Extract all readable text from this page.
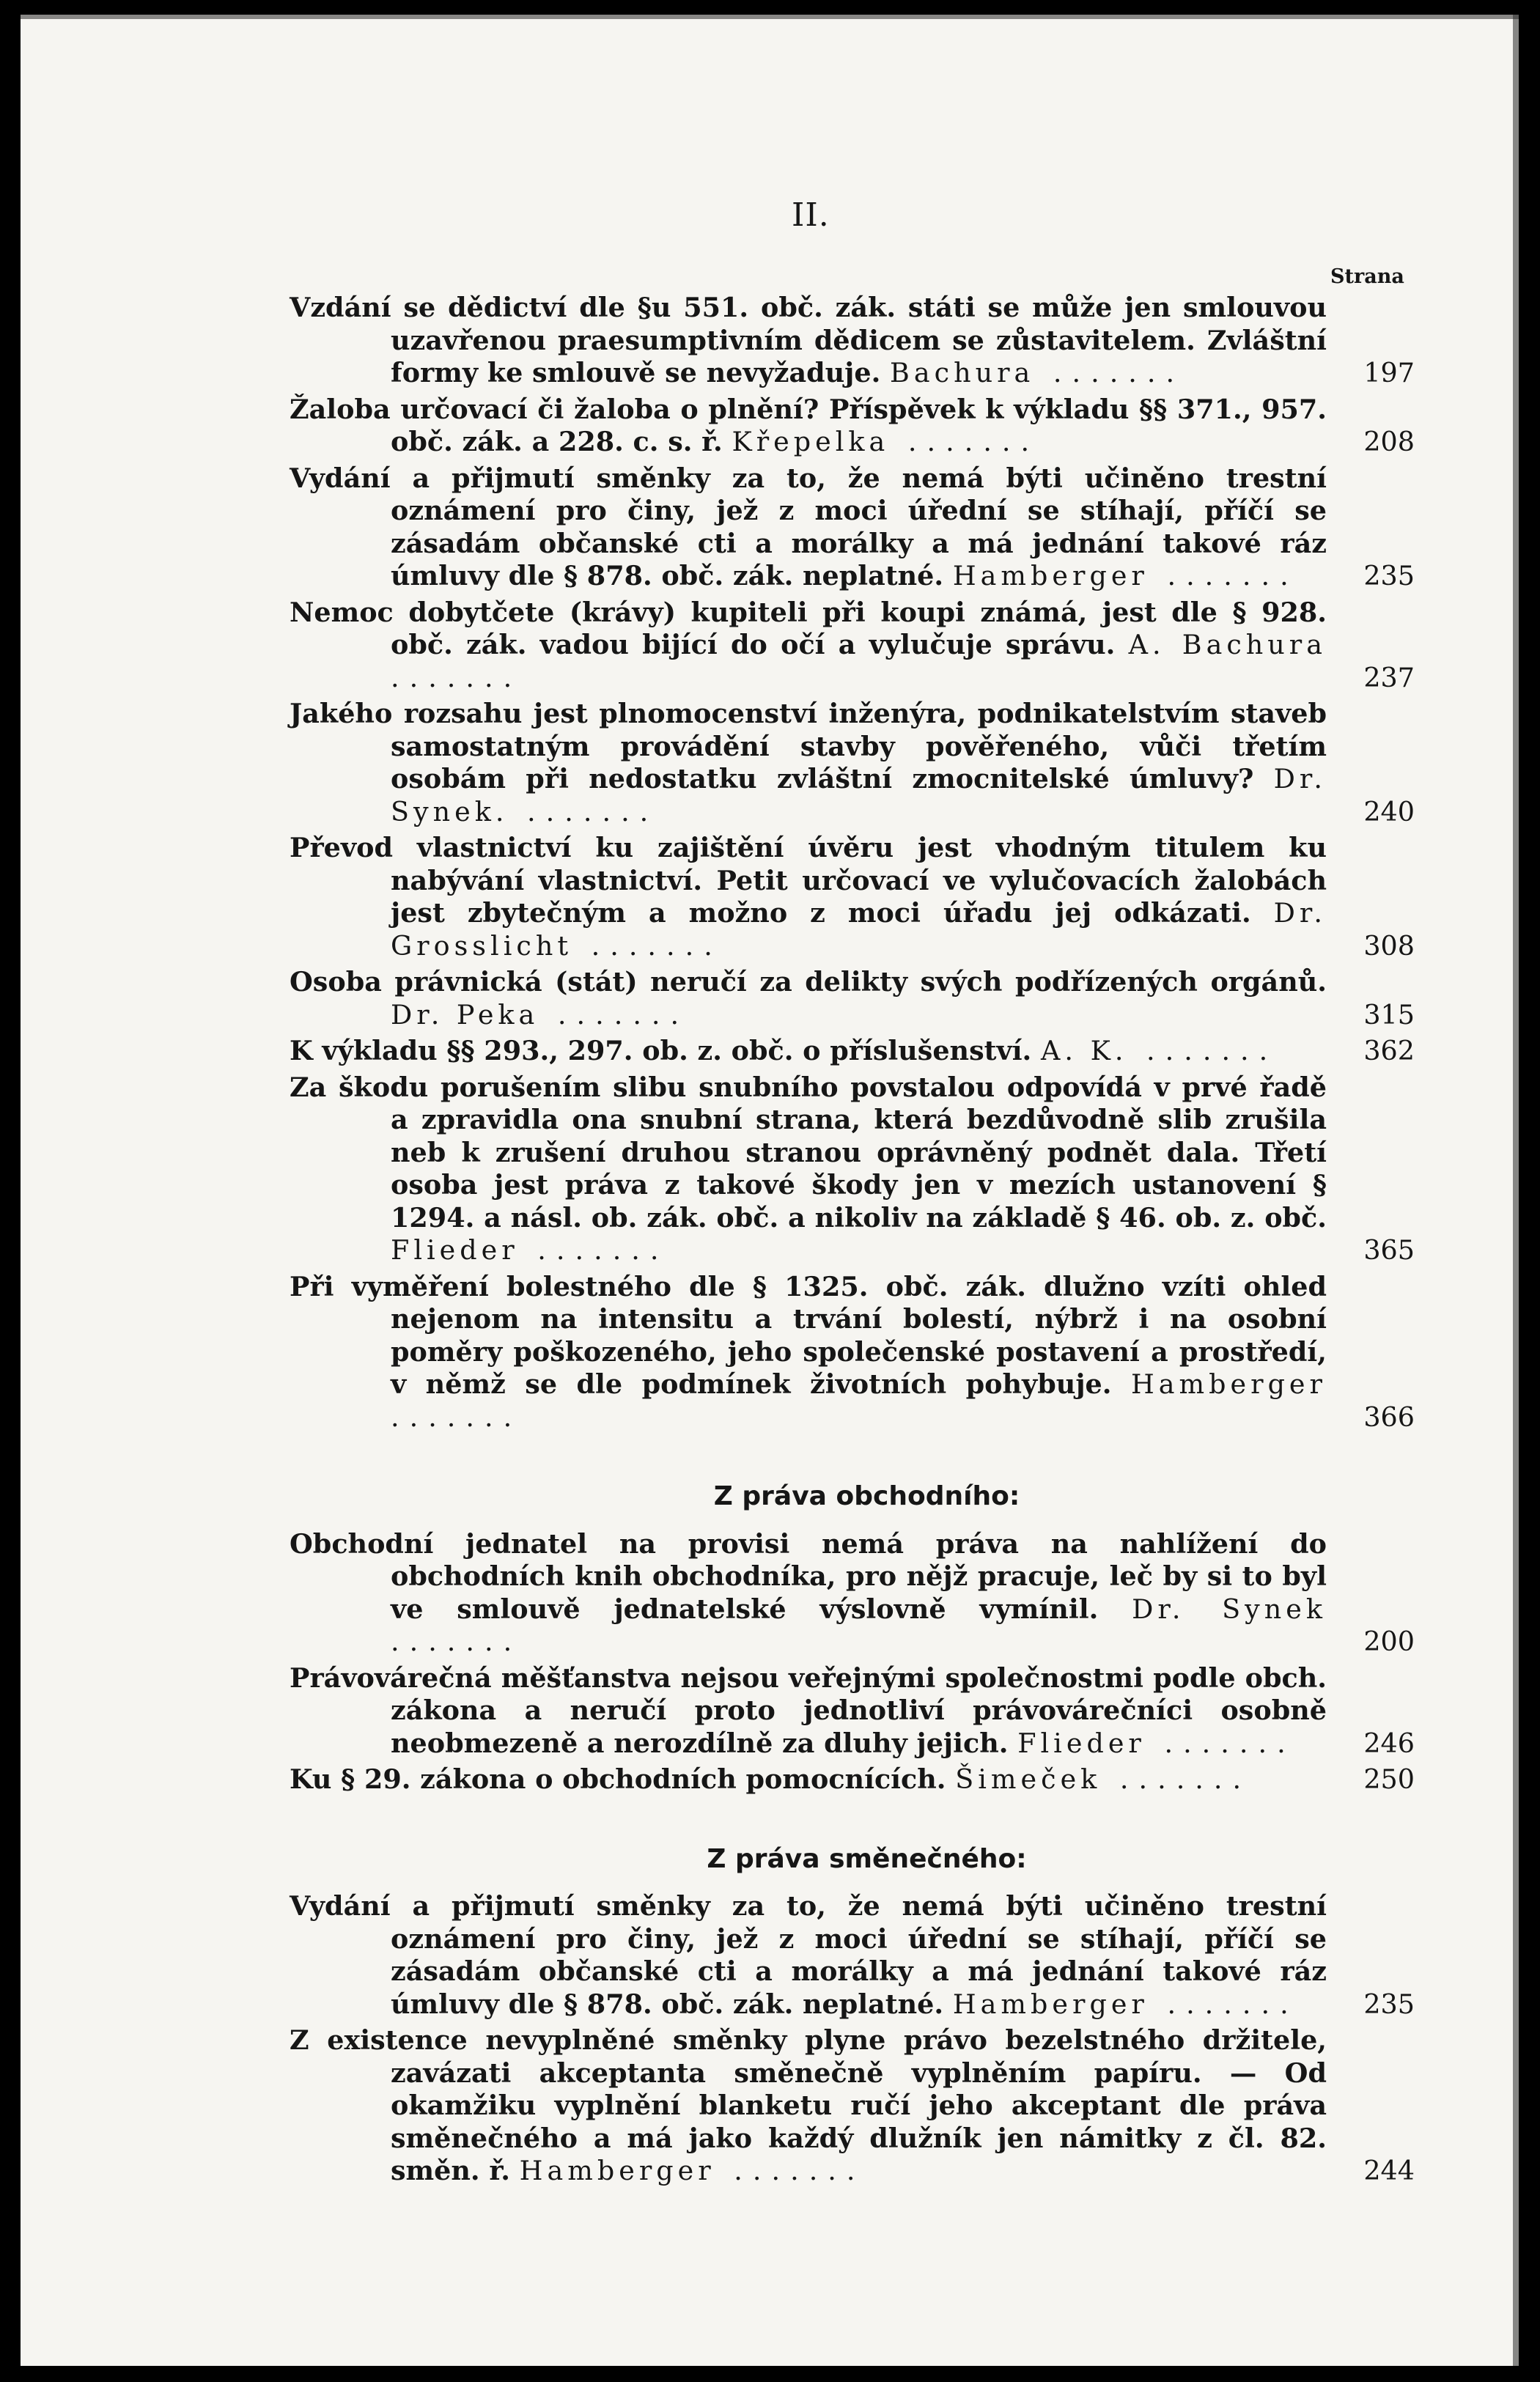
II.
Strana
Vzdání se dědictví dle §u 551. obč. zák. státi se může jen smlouvou uzavřenou praesumptivním dědicem se zůstavitelem. Zvláštní formy ke smlouvě se nevyžaduje. Bachura .......	197
Žaloba určovací či žaloba o plnění? Příspěvek k výkladu §§ 371., 957. obč. zák. a 228. c. s. ř. Křepelka .......	208
Vydání a přijmutí směnky za to, že nemá býti učiněno trestní oznámení pro činy, jež z moci úřední se stíhají, příčí se zásadám občanské cti a morálky a má jednání takové ráz úmluvy dle § 878. obč. zák. neplatné. Hamberger .......	235
Nemoc dobytčete (krávy) kupiteli při koupi známá, jest dle § 928. obč. zák. vadou bijící do očí a vylučuje správu. A. Bachura .......	237
Jakého rozsahu jest plnomocenství inženýra, podnikatelstvím staveb samostatným provádění stavby pověřeného, vůči třetím osobám při nedostatku zvláštní zmocnitelské úmluvy? Dr. Synek. .......	240
Převod vlastnictví ku zajištění úvěru jest vhodným titulem ku nabývání vlastnictví. Petit určovací ve vylučovacích žalobách jest zbytečným a možno z moci úřadu jej odkázati. Dr. Grosslicht .......	308
Osoba právnická (stát) neručí za delikty svých podřízených orgánů. Dr. Peka .......	315
K výkladu §§ 293., 297. ob. z. obč. o příslušenství. A. K. .......	362
Za škodu porušením slibu snubního povstalou odpovídá v prvé řadě a zpravidla ona snubní strana, která bezdůvodně slib zrušila neb k zrušení druhou stranou oprávněný podnět dala. Třetí osoba jest práva z takové škody jen v mezích ustanovení § 1294. a násl. ob. zák. obč. a nikoliv na základě § 46. ob. z. obč. Flieder .......	365
Při vyměření bolestného dle § 1325. obč. zák. dlužno vzíti ohled nejenom na intensitu a trvání bolestí, nýbrž i na osobní poměry poškozeného, jeho společenské postavení a prostředí, v němž se dle podmínek životních pohybuje. Hamberger .......	366
Z práva obchodního:
Obchodní jednatel na provisi nemá práva na nahlížení do obchodních knih obchodníka, pro nějž pracuje, leč by si to byl ve smlouvě jednatelské výslovně vymínil. Dr. Synek .......	200
Právovárečná měšťanstva nejsou veřejnými společnostmi podle obch. zákona a neručí proto jednotliví právovárečníci osobně neobmezeně a nerozdílně za dluhy jejich. Flieder .......	246
Ku § 29. zákona o obchodních pomocnících. Šimeček .......	250
Z práva směnečného:
Vydání a přijmutí směnky za to, že nemá býti učiněno trestní oznámení pro činy, jež z moci úřední se stíhají, příčí se zásadám občanské cti a morálky a má jednání takové ráz úmluvy dle § 878. obč. zák. neplatné. Hamberger .......	235
Z existence nevyplněné směnky plyne právo bezelstného držitele, zavázati akceptanta směnečně vyplněním papíru. — Od okamžiku vyplnění blanketu ručí jeho akceptant dle práva směnečného a má jako každý dlužník jen námitky z čl. 82. směn. ř. Hamberger .......	244
